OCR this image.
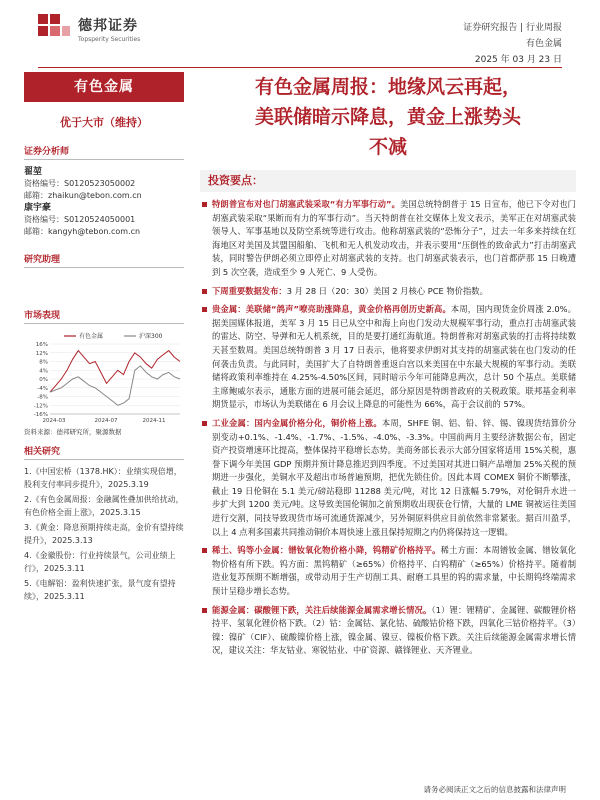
德邦证券
Topsperity Securities
证券研究报告 | 行业周报
有色金属
2025 年 03 月 23 日
有色金属
优于大市（维持）
证券分析师
翟堃
资格编号：S0120523050002
邮箱：zhaikun@tebon.com.cn
康宇豪
资格编号：S0120524050001
邮箱：kangyh@tebon.com.cn
研究助理
市场表现
16%
12%
8%
4%
0%
-4%
-8%
-12%
-16%
2024-03	2024-07	2024-11
有色金属	沪深300
资料来源：德邦研究所，聚源数据
相关研究
1.《中国宏桥（1378.HK）：业绩实现倍增，股利支付率同步提升》，2025.3.19
2.《有色金属周报：金融属性叠加供给扰动，有色价格全面上涨》，2025.3.15
3.《黄金：降息预期持续走高，金价有望持续提升》，2025.3.13
4.《金徽股份：行业持续景气，公司业绩上行》，2025.3.11
5.《电解铝：盈利快速扩张，景气度有望持续》，2025.3.11
有色金属周报：地缘风云再起，
美联储暗示降息，黄金上涨势头
不减
投资要点：
特朗普宣布对也门胡塞武装采取“有力军事行动”。美国总统特朗普于 15 日宣布，他已下令对也门胡塞武装采取“果断而有力的军事行动”。当天特朗普在社交媒体上发文表示，美军正在对胡塞武装领导人、军事基地以及防空系统等进行攻击。他称胡塞武装的“恐怖分子”，过去一年多来持续在红海地区对美国及其盟国船舶、飞机和无人机发动攻击，并表示要用“压倒性的致命武力”打击胡塞武装，同时警告伊朗必须立即停止对胡塞武装的支持。也门胡塞武装表示，也门首都萨那 15 日晚遭到 5 次空袭，造成至少 9 人死亡、9 人受伤。
下周重要数据发布：3 月 28 日（20：30）美国 2 月核心 PCE 物价指数。
贵金属：美联储“鸽声”嘹亮助涨降息，黄金价格再创历史新高。本周，国内现货金价周涨 2.0%。据美国媒体报道，美军 3 月 15 日已从空中和海上向也门发动大规模军事行动，重点打击胡塞武装的雷达、防空、导弹和无人机系统，目的是要打通红海航道。特朗普称对胡塞武装的打击将持续数天甚至数周。美国总统特朗普 3 月 17 日表示，他将要求伊朗对其支持的胡塞武装在也门发动的任何袭击负责。与此同时，美国扩大了自特朗普重返白宫以来美国在中东最大规模的军事行动。美联储将政策利率维持在 4.25%-4.50%区间，同时暗示今年可能降息两次，总计 50 个基点。美联储主席鲍威尔表示，通胀方面的进展可能会延迟，部分原因是特朗普政府的关税政策。联邦基金利率期货显示，市场认为美联储在 6 月会议上降息的可能性为 66%，高于会议前的 57%。
工业金属：国内金属价格分化，铜价格上涨。本周，SHFE 铜、铝、铅、锌、锡、镍现货结算价分别变动+0.1%、-1.4%、-1.7%、-1.5%、-4.0%、-3.3%。中国前两月主要经济数据公布，固定资产投资增速环比提高，整体保持平稳增长态势。美商务部长表示大部分国家将适用 15%关税，惠誉下调今年美国 GDP 预期并预计降息推迟到四季度。不过美国对其进口铜产品增加 25%关税的预期进一步强化，美铜水平及超出市场普遍预期，把优先锁住价。因此本周 COMEX 铜价不断攀涨，截止 19 日伦铜在 5.1 美元/磅站稳即 11288 美元/吨，对比 12 日涨幅 5.79%，对伦铜升水进一步扩大到 1200 美元/吨。这导致美国伦铜加之前预期收出现获仓行情，大量的 LME 铜被运往美国进行交割，同技导致现货市场可流通货源减少，另外铜原料供应目前依然非常紧张。据百川盈孚，以上 4 点利多国素共同推动铜价本周快速上涨且保持短期之内仍将保持这一逻辑。
稀土、钨等小金属：镨钕氧化物价格小降，钨精矿价格持平。稀土方面：本周镨钕金属、镨钕氧化物价格有所下跌。钨方面：黑钨精矿（≥65%）价格持平、白钨精矿（≥65%）价格持平。随着制造业复苏预期不断增强，或带动用于生产切削工具、耐磨工具里的钨的需求量，中长期钨终端需求预计呈稳步增长态势。
能源金属：碳酸锂下跌，关注后续能源金属需求增长情况。（1）锂：锂精矿、金属锂、碳酸锂价格持平、氢氧化锂价格下跌。（2）钴：金属钴、氯化钴、硫酸钴价格下跌，四氧化三钴价格持平。（3）镍：镍矿（CIF）、硫酸镍价格上涨，镍金属、镍豆、镍板价格下跌。关注后续能源金属需求增长情况，建议关注：华友钴业、寒锐钴业、中矿资源、赣锋锂业、天齐锂业。
请务必阅读正文之后的信息披露和法律声明
